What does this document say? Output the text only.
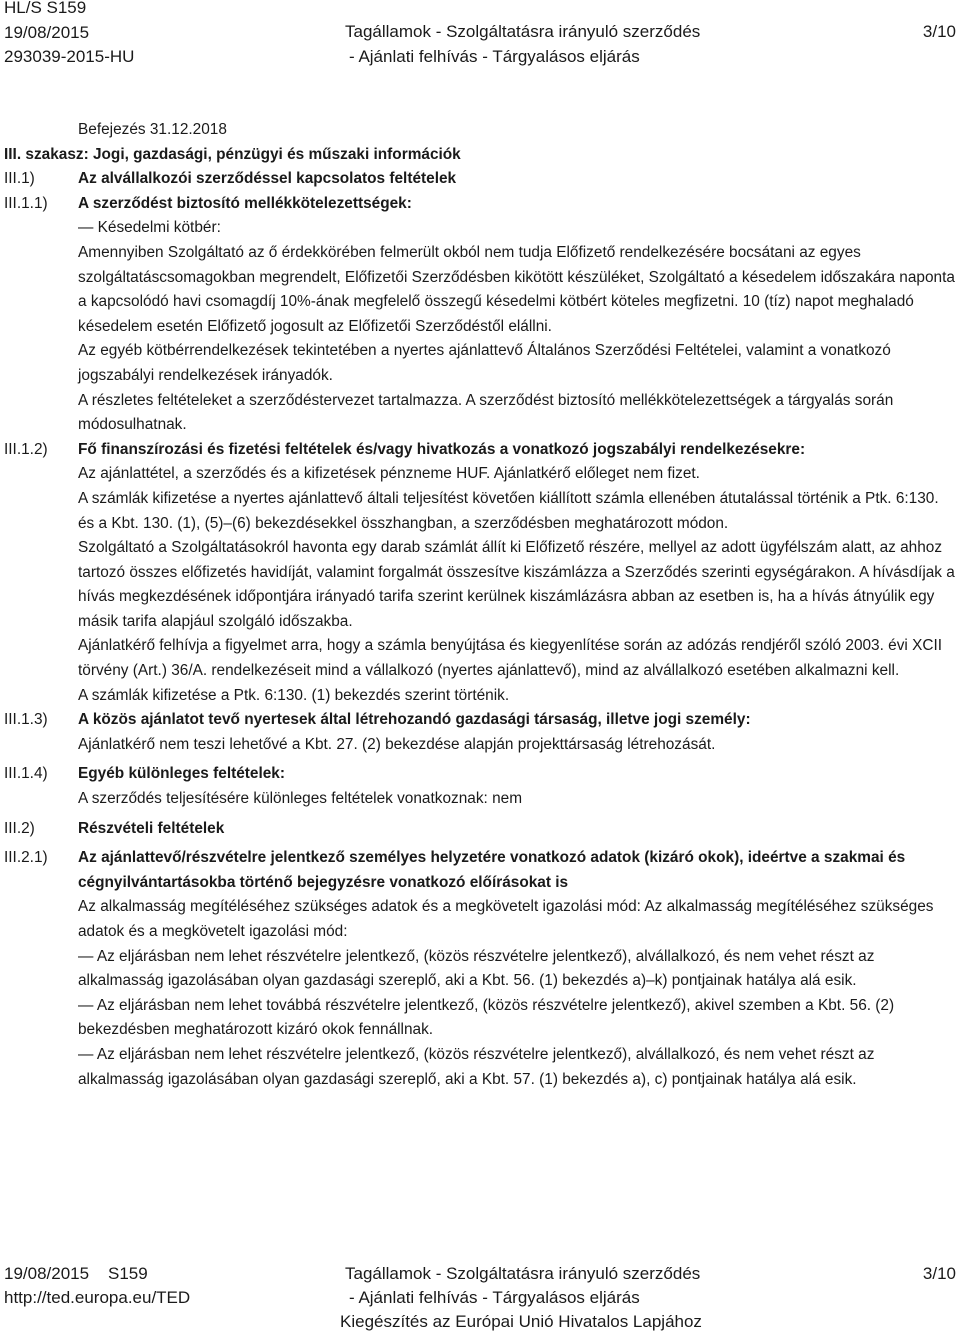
HL/S S159
19/08/2015
293039-2015-HU
Tagállamok - Szolgáltatásra irányuló szerződés
- Ajánlati felhívás - Tárgyalásos eljárás
3/10

Befejezés 31.12.2018

III. szakasz: Jogi, gazdasági, pénzügyi és műszaki információk

III.1)	Az alvállalkozói szerződéssel kapcsolatos feltételek

III.1.1)	A szerződést biztosító mellékkötelezettségek:

— Késedelmi kötbér:

Amennyiben Szolgáltató az ő érdekkörében felmerült okból nem tudja Előfizető rendelkezésére bocsátani az egyes szolgáltatáscsomagokban megrendelt, Előfizetői Szerződésben kikötött készüléket, Szolgáltató a késedelem időszakára naponta a kapcsolódó havi csomagdíj 10%-ának megfelelő összegű késedelmi kötbért köteles megfizetni. 10 (tíz) napot meghaladó késedelem esetén Előfizető jogosult az Előfizetői Szerződéstől elállni.

Az egyéb kötbérrendelkezések tekintetében a nyertes ajánlattevő Általános Szerződési Feltételei, valamint a vonatkozó jogszabályi rendelkezések irányadók.

A részletes feltételeket a szerződéstervezet tartalmazza. A szerződést biztosító mellékkötelezettségek a tárgyalás során módosulhatnak.

III.1.2)	Fő finanszírozási és fizetési feltételek és/vagy hivatkozás a vonatkozó jogszabályi rendelkezésekre:

Az ajánlattétel, a szerződés és a kifizetések pénzneme HUF. Ajánlatkérő előleget nem fizet.

A számlák kifizetése a nyertes ajánlattevő általi teljesítést követően kiállított számla ellenében átutalással történik a Ptk. 6:130. és a Kbt. 130. (1), (5)–(6) bekezdésekkel összhangban, a szerződésben meghatározott módon.

Szolgáltató a Szolgáltatásokról havonta egy darab számlát állít ki Előfizető részére, mellyel az adott ügyfélszám alatt, az ahhoz tartozó összes előfizetés havidíját, valamint forgalmát összesítve kiszámlázza a Szerződés szerinti egységárakon. A hívásdíjak a hívás megkezdésének időpontjára irányadó tarifa szerint kerülnek kiszámlázásra abban az esetben is, ha a hívás átnyúlik egy másik tarifa alapjául szolgáló időszakba.

Ajánlatkérő felhívja a figyelmet arra, hogy a számla benyújtása és kiegyenlítése során az adózás rendjéről szóló 2003. évi XCII törvény (Art.) 36/A. rendelkezéseit mind a vállalkozó (nyertes ajánlattevő), mind az alvállalkozó esetében alkalmazni kell.

A számlák kifizetése a Ptk. 6:130. (1) bekezdés szerint történik.

III.1.3)	A közös ajánlatot tevő nyertesek által létrehozandó gazdasági társaság, illetve jogi személy:

Ajánlatkérő nem teszi lehetővé a Kbt. 27. (2) bekezdése alapján projekttársaság létrehozását.

III.1.4)	Egyéb különleges feltételek:

A szerződés teljesítésére különleges feltételek vonatkoznak: nem

III.2)	Részvételi feltételek

III.2.1)	Az ajánlattevő/részvételre jelentkező személyes helyzetére vonatkozó adatok (kizáró okok), ideértve a szakmai és cégnyilvántartásokba történő bejegyzésre vonatkozó előírásokat is

Az alkalmasság megítéléséhez szükséges adatok és a megkövetelt igazolási mód: Az alkalmasság megítéléséhez szükséges adatok és a megkövetelt igazolási mód:

— Az eljárásban nem lehet részvételre jelentkező, (közös részvételre jelentkező), alvállalkozó, és nem vehet részt az alkalmasság igazolásában olyan gazdasági szereplő, aki a Kbt. 56. (1) bekezdés a)–k) pontjainak hatálya alá esik.

— Az eljárásban nem lehet továbbá részvételre jelentkező, (közös részvételre jelentkező), akivel szemben a Kbt. 56. (2) bekezdésben meghatározott kizáró okok fennállnak.

— Az eljárásban nem lehet részvételre jelentkező, (közös részvételre jelentkező), alvállalkozó, és nem vehet részt az alkalmasság igazolásában olyan gazdasági szereplő, aki a Kbt. 57. (1) bekezdés a), c) pontjainak hatálya alá esik.

19/08/2015 S159
http://ted.europa.eu/TED
Tagállamok - Szolgáltatásra irányuló szerződés
- Ajánlati felhívás - Tárgyalásos eljárás
Kiegészítés az Európai Unió Hivatalos Lapjához
3/10
